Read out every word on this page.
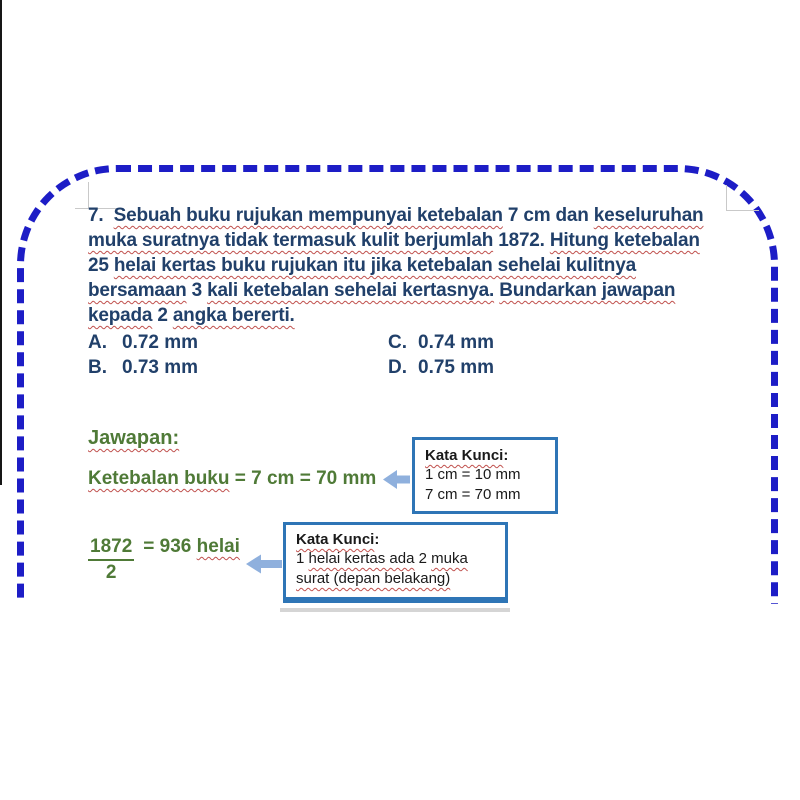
7.  Sebuah buku rujukan mempunyai ketebalan 7 cm dan keseluruhan
muka suratnya tidak termasuk kulit berjumlah 1872. Hitung ketebalan
25 helai kertas buku rujukan itu jika ketebalan sehelai kulitnya
bersamaan 3 kali ketebalan sehelai kertasnya. Bundarkan jawapan
kepada 2 angka bererti.
A. 0.72 mm	C. 0.74 mm
B. 0.73 mm	D. 0.75 mm
Jawapan:
Ketebalan buku = 7 cm = 70 mm
Kata Kunci:
1 cm = 10 mm
7 cm = 70 mm
$\frac{1872}{2} = 936$ helai	Kata Kunci:
1 helai kertas ada 2 muka
surat (depan belakang)
